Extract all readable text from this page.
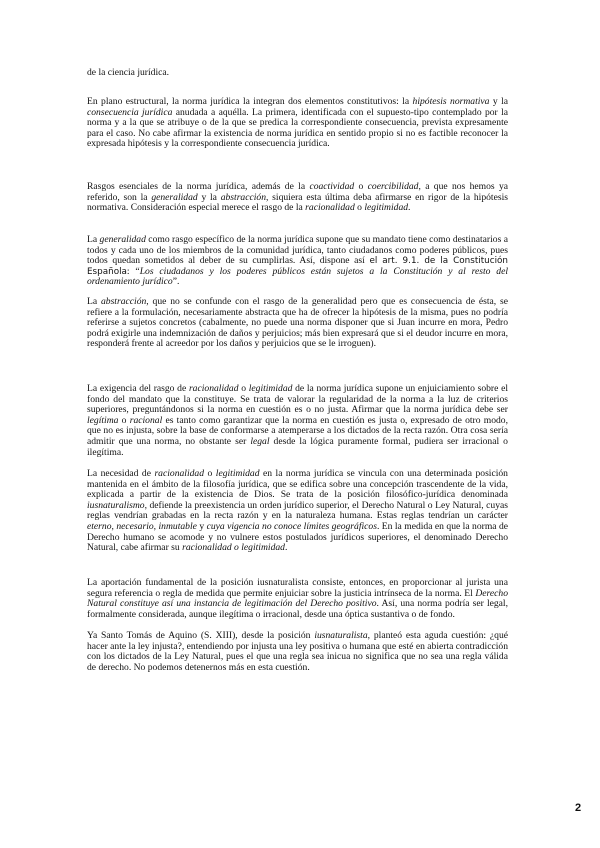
de la ciencia jurídica.

En plano estructural, la norma jurídica la integran dos elementos constitutivos: la hipótesis normativa y la consecuencia jurídica anudada a aquélla. La primera, identificada con el supuesto-tipo contemplado por la norma y a la que se atribuye o de la que se predica la correspondiente consecuencia, prevista expresamente para el caso. No cabe afirmar la existencia de norma jurídica en sentido propio si no es factible reconocer la expresada hipótesis y la correspondiente consecuencia jurídica.

Rasgos esenciales de la norma jurídica, además de la coactividad o coercibilidad, a que nos hemos ya referido, son la generalidad y la abstracción, siquiera esta última deba afirmarse en rigor de la hipótesis normativa. Consideración especial merece el rasgo de la racionalidad o legitimidad.

La generalidad como rasgo específico de la norma jurídica supone que su mandato tiene como destinatarios a todos y cada uno de los miembros de la comunidad jurídica, tanto ciudadanos como poderes públicos, pues todos quedan sometidos al deber de su cumplirlas. Así, dispone así el art. 9.1. de la Constitución Española: “Los ciudadanos y los poderes públicos están sujetos a la Constitución y al resto del ordenamiento jurídico”.

La abstracción, que no se confunde con el rasgo de la generalidad pero que es consecuencia de ésta, se refiere a la formulación, necesariamente abstracta que ha de ofrecer la hipótesis de la misma, pues no podría referirse a sujetos concretos (cabalmente, no puede una norma disponer que si Juan incurre en mora, Pedro podrá exigirle una indemnización de daños y perjuicios; más bien expresará que si el deudor incurre en mora, responderá frente al acreedor por los daños y perjuicios que se le irroguen).

La exigencia del rasgo de racionalidad o legitimidad de la norma jurídica supone un enjuiciamiento sobre el fondo del mandato que la constituye. Se trata de valorar la regularidad de la norma a la luz de criterios superiores, preguntándonos si la norma en cuestión es o no justa. Afirmar que la norma jurídica debe ser legítima o racional es tanto como garantizar que la norma en cuestión es justa o, expresado de otro modo, que no es injusta, sobre la base de conformarse a atemperarse a los dictados de la recta razón. Otra cosa sería admitir que una norma, no obstante ser legal desde la lógica puramente formal, pudiera ser irracional o ilegítima.

La necesidad de racionalidad o legitimidad en la norma jurídica se vincula con una determinada posición mantenida en el ámbito de la filosofía jurídica, que se edifica sobre una concepción trascendente de la vida, explicada a partir de la existencia de Dios. Se trata de la posición filosófico-jurídica denominada iusnaturalismo, defiende la preexistencia un orden jurídico superior, el Derecho Natural o Ley Natural, cuyas reglas vendrían grabadas en la recta razón y en la naturaleza humana. Estas reglas tendrían un carácter eterno, necesario, inmutable y cuya vigencia no conoce límites geográficos. En la medida en que la norma de Derecho humano se acomode y no vulnere estos postulados jurídicos superiores, el denominado Derecho Natural, cabe afirmar su racionalidad o legitimidad.

La aportación fundamental de la posición iusnaturalista consiste, entonces, en proporcionar al jurista una segura referencia o regla de medida que permite enjuiciar sobre la justicia intrínseca de la norma. El Derecho Natural constituye así una instancia de legitimación del Derecho positivo. Así, una norma podría ser legal, formalmente considerada, aunque ilegítima o irracional, desde una óptica sustantiva o de fondo.

Ya Santo Tomás de Aquino (S. XIII), desde la posición iusnaturalista, planteó esta aguda cuestión: ¿qué hacer ante la ley injusta?, entendiendo por injusta una ley positiva o humana que esté en abierta contradicción con los dictados de la Ley Natural, pues el que una regla sea inicua no significa que no sea una regla válida de derecho. No podemos detenernos más en esta cuestión.

2
